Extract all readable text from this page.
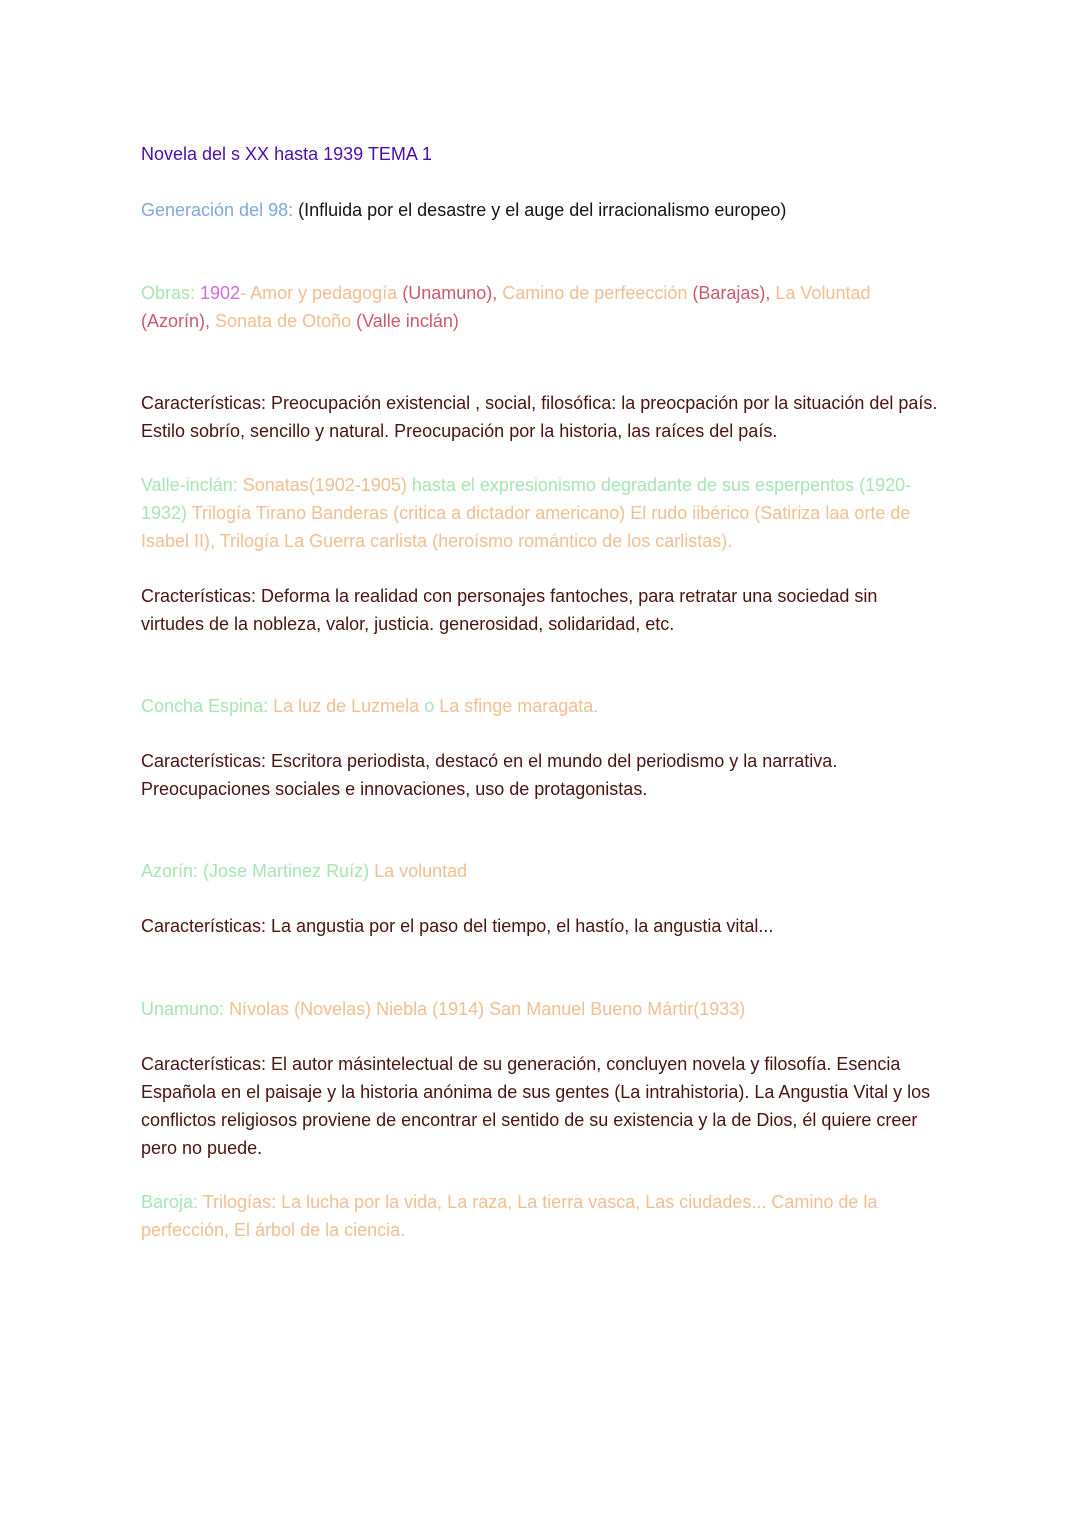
Novela del s XX hasta 1939 TEMA 1

Generación del 98: (Influida por el desastre y el auge del irracionalismo europeo)

Obras: 1902- Amor y pedagogía (Unamuno), Camino de perfeección (Barajas), La Voluntad (Azorín), Sonata de Otoño (Valle inclán)

Características: Preocupación existencial , social, filosófica: la preocpación por la situación del país. Estilo sobrío, sencillo y natural. Preocupación por la historia, las raíces del país.

Valle-inclán: Sonatas(1902-1905) hasta el expresionismo degradante de sus esperpentos (1920-1932) Trilogía Tirano Banderas (critica a dictador americano) El rudo iibérico (Satiriza laa orte de Isabel II), Trilogía La Guerra carlista (heroísmo romántico de los carlistas).

Cracterísticas: Deforma la realidad con personajes fantoches, para retratar una sociedad sin virtudes de la nobleza, valor, justicia. generosidad, solidaridad, etc.

Concha Espina: La luz de Luzmela o La sfinge maragata.

Características: Escritora periodista, destacó en el mundo del periodismo y la narrativa. Preocupaciones sociales e innovaciones, uso de protagonistas.

Azorín: (Jose Martinez Ruíz) La voluntad

Características: La angustia por el paso del tiempo, el hastío, la angustia vital...

Unamuno: Nívolas (Novelas) Niebla (1914) San Manuel Bueno Mártir(1933)

Características: El autor másintelectual de su generación, concluyen novela y filosofía. Esencia Española en el paisaje y la historia anónima de sus gentes (La intrahistoria). La Angustia Vital y los conflictos religiosos proviene de encontrar el sentido de su existencia y la de Dios, él quiere creer pero no puede.

Baroja: Trilogías: La lucha por la vida, La raza, La tierra vasca, Las ciudades... Camino de la perfección, El árbol de la ciencia.
